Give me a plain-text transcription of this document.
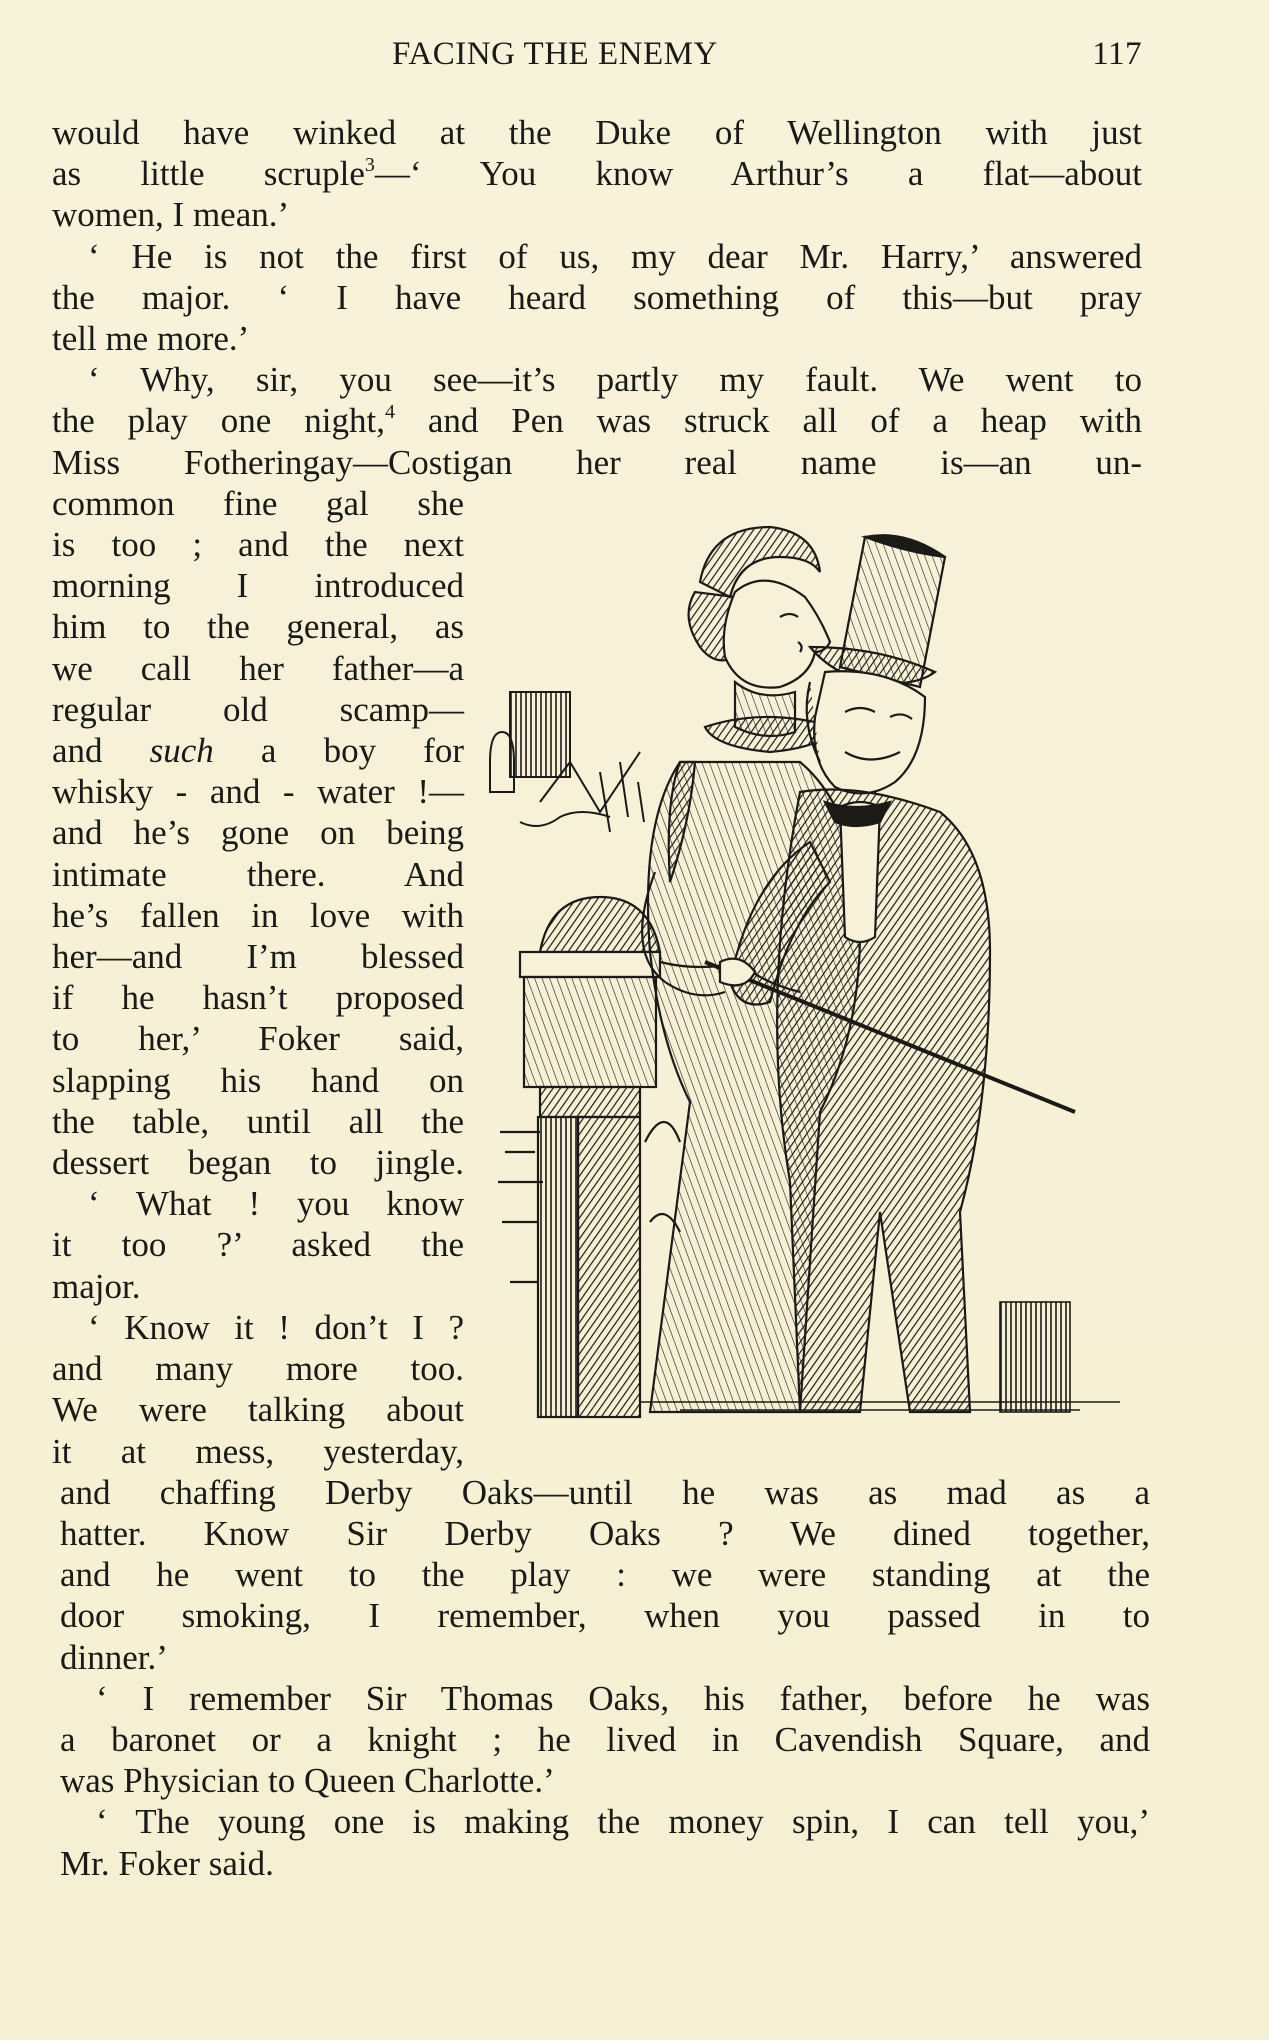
FACING THE ENEMY	117
would have winked at the Duke of Wellington with just
as little scruple$^3$—‘ You know Arthur’s a flat—about
women, I mean.’
‘ He is not the first of us, my dear Mr. Harry,’ answered
the major. ‘ I have heard something of this—but pray
tell me more.’
‘ Why, sir, you see—it’s partly my fault. We went to
the play one night,$^4$ and Pen was struck all of a heap with
Miss Fotheringay—Costigan her real name is—an un-
common fine gal she
is too ; and the next
morning I introduced
him to the general, as
we call her father—a
regular old scamp—
and such a boy for
whisky - and - water !—
and he’s gone on being
intimate there. And
he’s fallen in love with
her—and I’m blessed
if he hasn’t proposed
to her,’ Foker said,
slapping his hand on
the table, until all the
dessert began to jingle.
‘ What ! you know
it too ?’ asked the
major.
‘ Know it ! don’t I ?
and many more too.
We were talking about
it at mess, yesterday,
and chaffing Derby Oaks—until he was as mad as a
hatter. Know Sir Derby Oaks ? We dined together,
and he went to the play : we were standing at the
door smoking, I remember, when you passed in to
dinner.’
‘ I remember Sir Thomas Oaks, his father, before he was
a baronet or a knight ; he lived in Cavendish Square, and
was Physician to Queen Charlotte.’
‘ The young one is making the money spin, I can tell you,’
Mr. Foker said.
